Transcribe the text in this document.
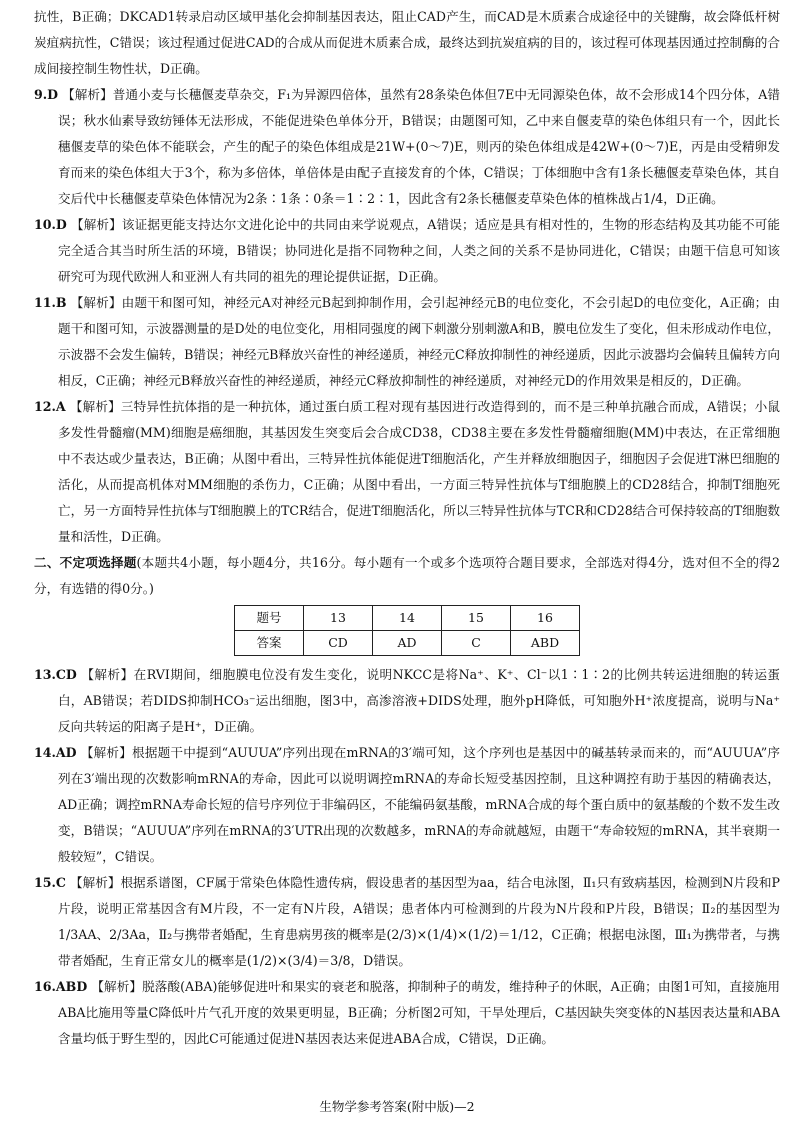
抗性，B正确；DKCAD1转录启动区域甲基化会抑制基因表达，阻止CAD产生，而CAD是木质素合成途径中的关键酶，故会降低杆树炭疽病抗性，C错误；该过程通过促进CAD的合成从而促进木质素合成，最终达到抗炭疽病的目的，该过程可体现基因通过控制酶的合成间接控制生物性状，D正确。

9.D 【解析】普通小麦与长穗偃麦草杂交，F₁为异源四倍体，虽然有28条染色体但7E中无同源染色体，故不会形成14个四分体，A错误；秋水仙素导致纺锤体无法形成，不能促进染色单体分开，B错误；由题图可知，乙中来自偃麦草的染色体组只有一个，因此长穗偃麦草的染色体不能联会，产生的配子的染色体组成是21W+(0～7)E，则丙的染色体组成是42W+(0～7)E，丙是由受精卵发育而来的染色体组大于3个，称为多倍体，单倍体是由配子直接发育的个体，C错误；丁体细胞中含有1条长穗偃麦草染色体，其自交后代中长穗偃麦草染色体情况为2条∶1条∶0条＝1∶2∶1，因此含有2条长穗偃麦草染色体的植株战占1/4，D正确。

10.D 【解析】该证据更能支持达尔文进化论中的共同由来学说观点，A错误；适应是具有相对性的，生物的形态结构及其功能不可能完全适合其当时所生活的环境，B错误；协同进化是指不同物种之间，人类之间的关系不是协同进化，C错误；由题干信息可知该研究可为现代欧洲人和亚洲人有共同的祖先的理论提供证据，D正确。

11.B 【解析】由题干和图可知，神经元A对神经元B起到抑制作用，会引起神经元B的电位变化，不会引起D的电位变化，A正确；由题干和图可知，示波器测量的是D处的电位变化，用相同强度的阈下刺激分别刺激A和B，膜电位发生了变化，但未形成动作电位，示波器不会发生偏转，B错误；神经元B释放兴奋性的神经递质，神经元C释放抑制性的神经递质，因此示波器均会偏转且偏转方向相反，C正确；神经元B释放兴奋性的神经递质，神经元C释放抑制性的神经递质，对神经元D的作用效果是相反的，D正确。

12.A 【解析】三特异性抗体指的是一种抗体，通过蛋白质工程对现有基因进行改造得到的，而不是三种单抗融合而成，A错误；小鼠多发性骨髓瘤(MM)细胞是癌细胞，其基因发生突变后会合成CD38，CD38主要在多发性骨髓瘤细胞(MM)中表达，在正常细胞中不表达或少量表达，B正确；从图中看出，三特异性抗体能促进T细胞活化，产生并释放细胞因子，细胞因子会促进T淋巴细胞的活化，从而提高机体对MM细胞的杀伤力，C正确；从图中看出，一方面三特异性抗体与T细胞膜上的CD28结合，抑制T细胞死亡，另一方面特异性抗体与T细胞膜上的TCR结合，促进T细胞活化，所以三特异性抗体与TCR和CD28结合可保持较高的T细胞数量和活性，D正确。

二、不定项选择题(本题共4小题，每小题4分，共16分。每小题有一个或多个选项符合题目要求，全部选对得4分，选对但不全的得2分，有选错的得0分。)

题号	13	14	15	16
答案	CD	AD	C	ABD

13.CD 【解析】在RVI期间，细胞膜电位没有发生变化，说明NKCC是将Na⁺、K⁺、Cl⁻以1∶1∶2的比例共转运进细胞的转运蛋白，AB错误；若DIDS抑制HCO₃⁻运出细胞，图3中，高渗溶液+DIDS处理，胞外pH降低，可知胞外H⁺浓度提高，说明与Na⁺反向共转运的阳离子是H⁺，D正确。

14.AD 【解析】根据题干中提到“AUUUA”序列出现在mRNA的3′端可知，这个序列也是基因中的碱基转录而来的，而“AUUUA”序列在3′端出现的次数影响mRNA的寿命，因此可以说明调控mRNA的寿命长短受基因控制，且这种调控有助于基因的精确表达，AD正确；调控mRNA寿命长短的信号序列位于非编码区，不能编码氨基酸，mRNA合成的每个蛋白质中的氨基酸的个数不发生改变，B错误；“AUUUA”序列在mRNA的3′UTR出现的次数越多，mRNA的寿命就越短，由题干“寿命较短的mRNA，其半衰期一般较短”，C错误。

15.C 【解析】根据系谱图，CF属于常染色体隐性遗传病，假设患者的基因型为aa，结合电泳图，Ⅱ₁只有致病基因，检测到N片段和P片段，说明正常基因含有M片段，不一定有N片段，A错误；患者体内可检测到的片段为N片段和P片段，B错误；Ⅱ₂的基因型为1/3AA、2/3Aa，Ⅱ₂与携带者婚配，生育患病男孩的概率是(2/3)×(1/4)×(1/2)＝1/12，C正确；根据电泳图，Ⅲ₁为携带者，与携带者婚配，生育正常女儿的概率是(1/2)×(3/4)＝3/8，D错误。

16.ABD 【解析】脱落酸(ABA)能够促进叶和果实的衰老和脱落，抑制种子的萌发，维持种子的休眠，A正确；由图1可知，直接施用ABA比施用等量C降低叶片气孔开度的效果更明显，B正确；分析图2可知，干旱处理后，C基因缺失突变体的N基因表达量和ABA含量均低于野生型的，因此C可能通过促进N基因表达来促进ABA合成，C错误，D正确。

生物学参考答案(附中版)—2
